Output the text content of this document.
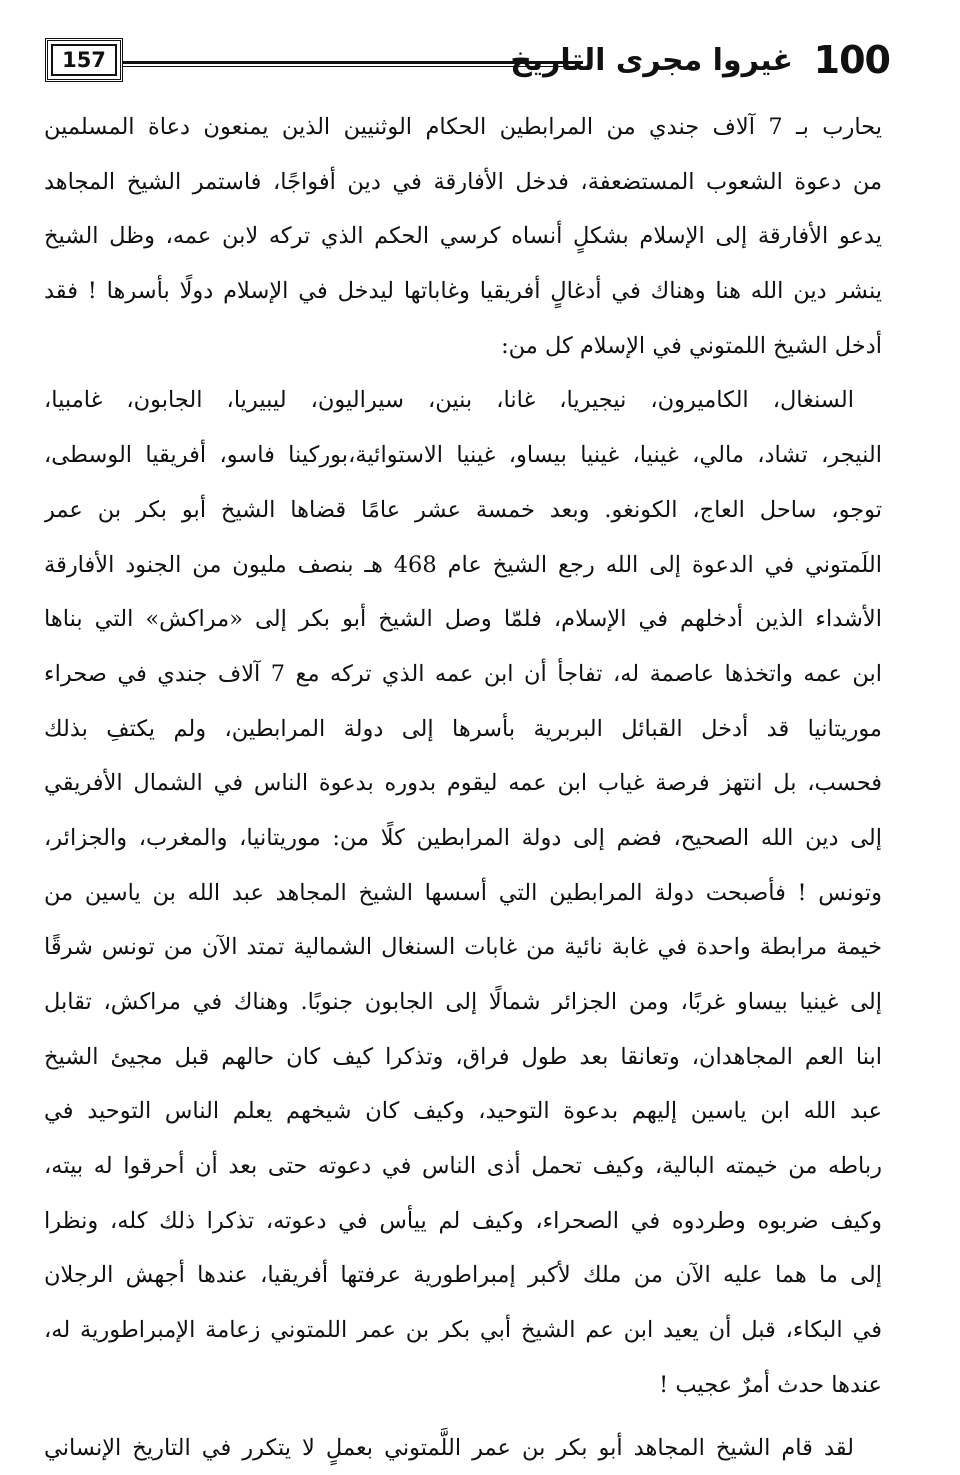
157	غيروا مجرى التاريخ 100
يحارب بـ 7 آلاف جندي من المرابطين الحكام الوثنيين الذين يمنعون دعاة المسلمين
من دعوة الشعوب المستضعفة، فدخل الأفارقة في دين أفواجًا، فاستمر الشيخ المجاهد
يدعو الأفارقة إلى الإسلام بشكلٍ أنساه كرسي الحكم الذي تركه لابن عمه، وظل الشيخ
ينشر دين الله هنا وهناك في أدغالٍ أفريقيا وغاباتها ليدخل في الإسلام دولًا بأسرها ! فقد
أدخل الشيخ اللمتوني في الإسلام كل من:
السنغال، الكاميرون، نيجيريا، غانا، بنين، سيراليون، ليبيريا، الجابون، غامبيا،
النيجر، تشاد، مالي، غينيا، غينيا بيساو، غينيا الاستوائية،بوركينا فاسو، أفريقيا الوسطى،
توجو، ساحل العاج، الكونغو. وبعد خمسة عشر عامًا قضاها الشيخ أبو بكر بن عمر
اللَمتوني في الدعوة إلى الله رجع الشيخ عام 468 هـ بنصف مليون من الجنود الأفارقة
الأشداء الذين أدخلهم في الإسلام، فلمّا وصل الشيخ أبو بكر إلى «مراكش» التي بناها
ابن عمه واتخذها عاصمة له، تفاجأ أن ابن عمه الذي تركه مع 7 آلاف جندي في صحراء
موريتانيا قد أدخل القبائل البربرية بأسرها إلى دولة المرابطين، ولم يكتفِ بذلك
فحسب، بل انتهز فرصة غياب ابن عمه ليقوم بدوره بدعوة الناس في الشمال الأفريقي
إلى دين الله الصحيح، فضم إلى دولة المرابطين كلًا من: موريتانيا، والمغرب، والجزائر،
وتونس ! فأصبحت دولة المرابطين التي أسسها الشيخ المجاهد عبد الله بن ياسين من
خيمة مرابطة واحدة في غابة نائية من غابات السنغال الشمالية تمتد الآن من تونس شرقًا
إلى غينيا بيساو غربًا، ومن الجزائر شمالًا إلى الجابون جنوبًا. وهناك في مراكش، تقابل
ابنا العم المجاهدان، وتعانقا بعد طول فراق، وتذكرا كيف كان حالهم قبل مجيئ الشيخ
عبد الله ابن ياسين إليهم بدعوة التوحيد، وكيف كان شيخهم يعلم الناس التوحيد في
رباطه من خيمته البالية، وكيف تحمل أذى الناس في دعوته حتى بعد أن أحرقوا له بيته،
وكيف ضربوه وطردوه في الصحراء، وكيف لم ييأس في دعوته، تذكرا ذلك كله، ونظرا
إلى ما هما عليه الآن من ملك لأكبر إمبراطورية عرفتها أفريقيا، عندها أجهش الرجلان
في البكاء، قبل أن يعيد ابن عم الشيخ أبي بكر بن عمر اللمتوني زعامة الإمبراطورية له،
عندها حدث أمرٌ عجيب !
لقد قام الشيخ المجاهد أبو بكر بن عمر اللَّمتوني بعملٍ لا يتكرر في التاريخ الإنساني
